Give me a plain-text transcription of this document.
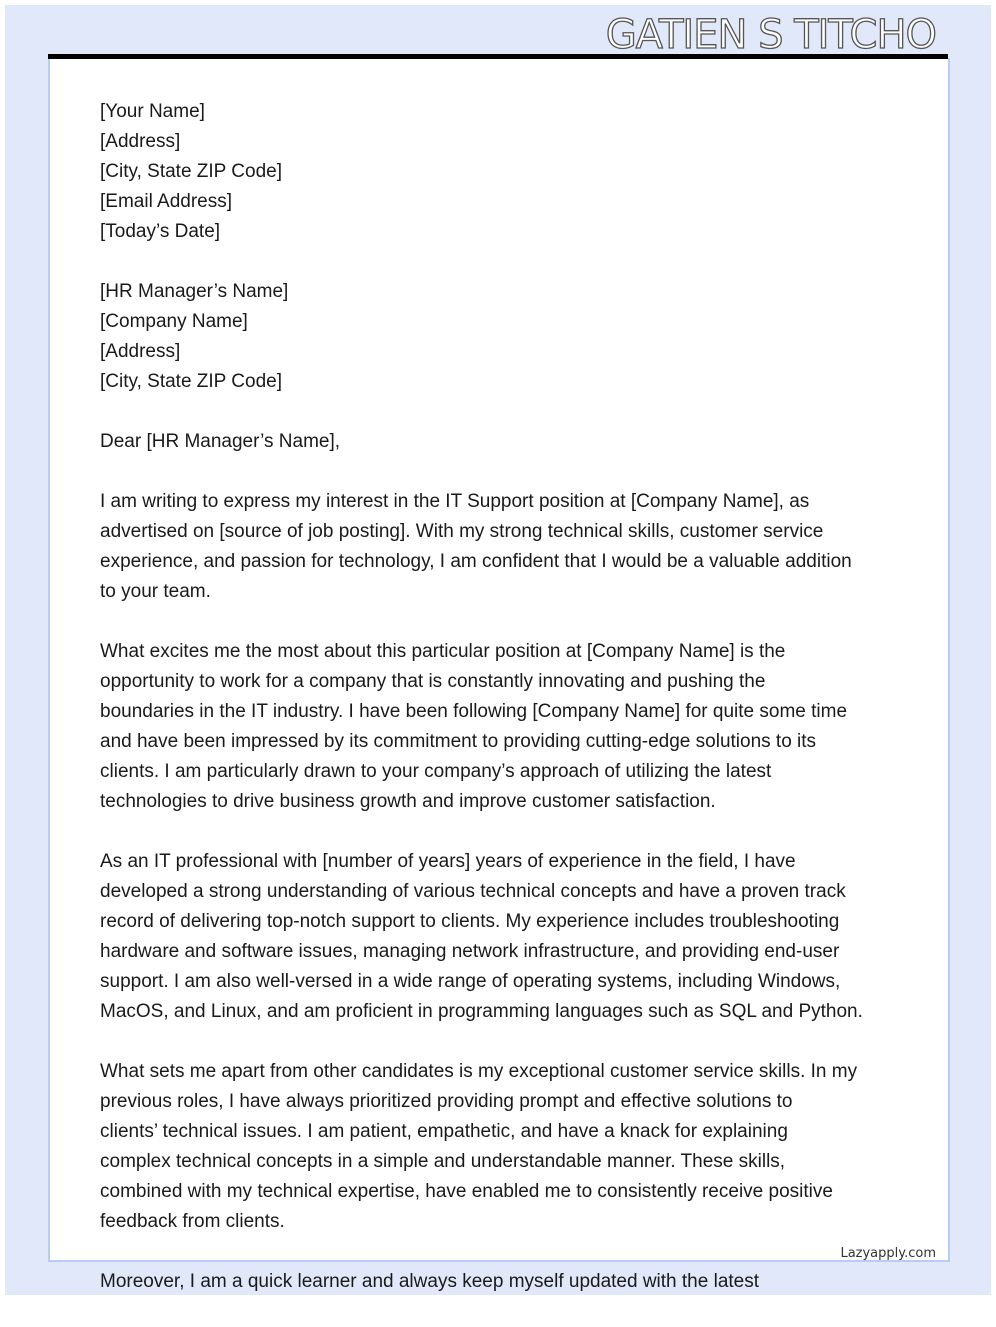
GATIEN S TITCHO
[Your Name]
[Address]
[City, State ZIP Code]
[Email Address]
[Today’s Date]
[HR Manager’s Name]
[Company Name]
[Address]
[City, State ZIP Code]
Dear [HR Manager’s Name],
I am writing to express my interest in the IT Support position at [Company Name], as
advertised on [source of job posting]. With my strong technical skills, customer service
experience, and passion for technology, I am confident that I would be a valuable addition
to your team.
What excites me the most about this particular position at [Company Name] is the
opportunity to work for a company that is constantly innovating and pushing the
boundaries in the IT industry. I have been following [Company Name] for quite some time
and have been impressed by its commitment to providing cutting-edge solutions to its
clients. I am particularly drawn to your company’s approach of utilizing the latest
technologies to drive business growth and improve customer satisfaction.
As an IT professional with [number of years] years of experience in the field, I have
developed a strong understanding of various technical concepts and have a proven track
record of delivering top-notch support to clients. My experience includes troubleshooting
hardware and software issues, managing network infrastructure, and providing end-user
support. I am also well-versed in a wide range of operating systems, including Windows,
MacOS, and Linux, and am proficient in programming languages such as SQL and Python.
What sets me apart from other candidates is my exceptional customer service skills. In my
previous roles, I have always prioritized providing prompt and effective solutions to
clients’ technical issues. I am patient, empathetic, and have a knack for explaining
complex technical concepts in a simple and understandable manner. These skills,
combined with my technical expertise, have enabled me to consistently receive positive
feedback from clients.
Moreover, I am a quick learner and always keep myself updated with the latest
Lazyapply.com
